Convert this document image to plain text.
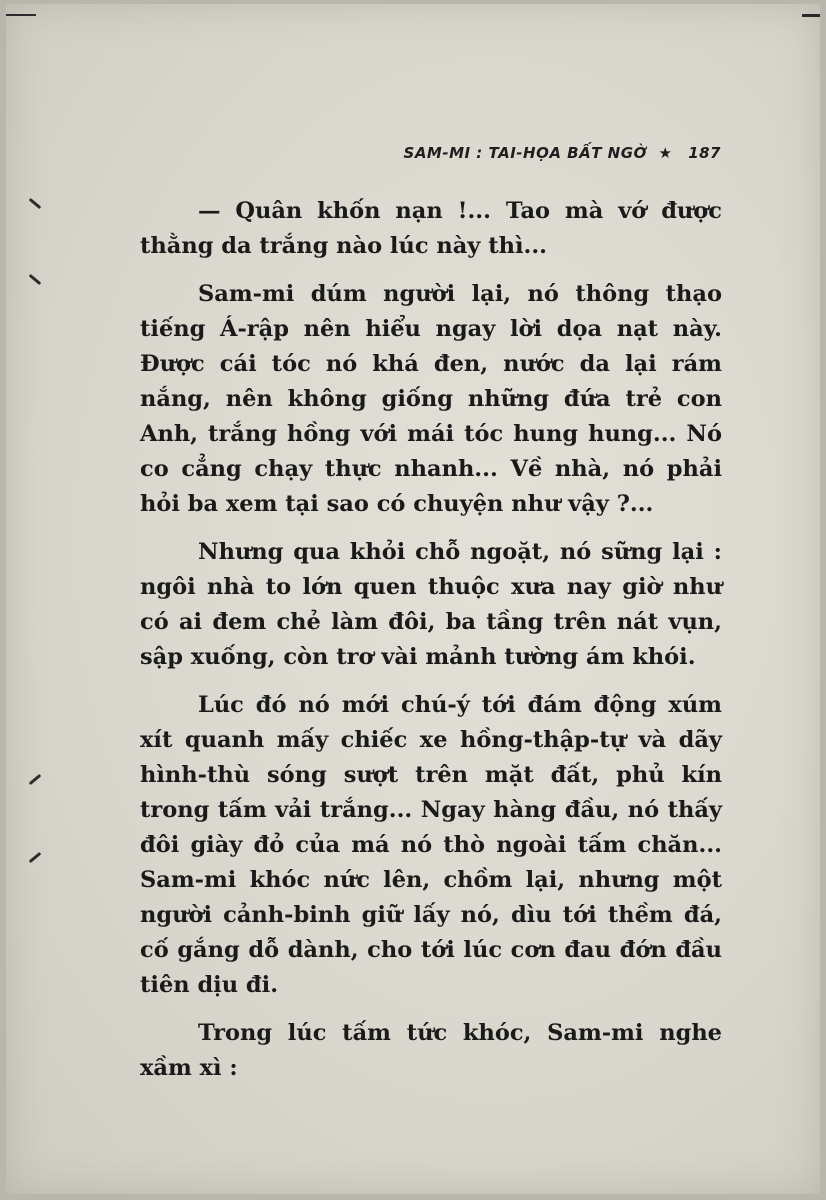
SAM-MI : TAI-HỌA BẤT NGỜ ★ 187

— Quân khốn nạn !... Tao mà vớ được thằng da trắng nào lúc này thì...

Sam-mi dúm người lại, nó thông thạo tiếng Á-rập nên hiểu ngay lời dọa nạt này. Được cái tóc nó khá đen, nước da lại rám nắng, nên không giống những đứa trẻ con Anh, trắng hồng với mái tóc hung hung... Nó co cẳng chạy thực nhanh... Về nhà, nó phải hỏi ba xem tại sao có chuyện như vậy ?...

Nhưng qua khỏi chỗ ngoặt, nó sững lại : ngôi nhà to lớn quen thuộc xưa nay giờ như có ai đem chẻ làm đôi, ba tầng trên nát vụn, sập xuống, còn trơ vài mảnh tường ám khói.

Lúc đó nó mới chú-ý tới đám động xúm xít quanh mấy chiếc xe hồng-thập-tự và dãy hình-thù sóng sượt trên mặt đất, phủ kín trong tấm vải trắng... Ngay hàng đầu, nó thấy đôi giày đỏ của má nó thò ngoài tấm chăn... Sam-mi khóc nức lên, chồm lại, nhưng một người cảnh-binh giữ lấy nó, dìu tới thềm đá, cố gắng dỗ dành, cho tới lúc cơn đau đớn đầu tiên dịu đi.

Trong lúc tấm tức khóc, Sam-mi nghe xầm xì :
